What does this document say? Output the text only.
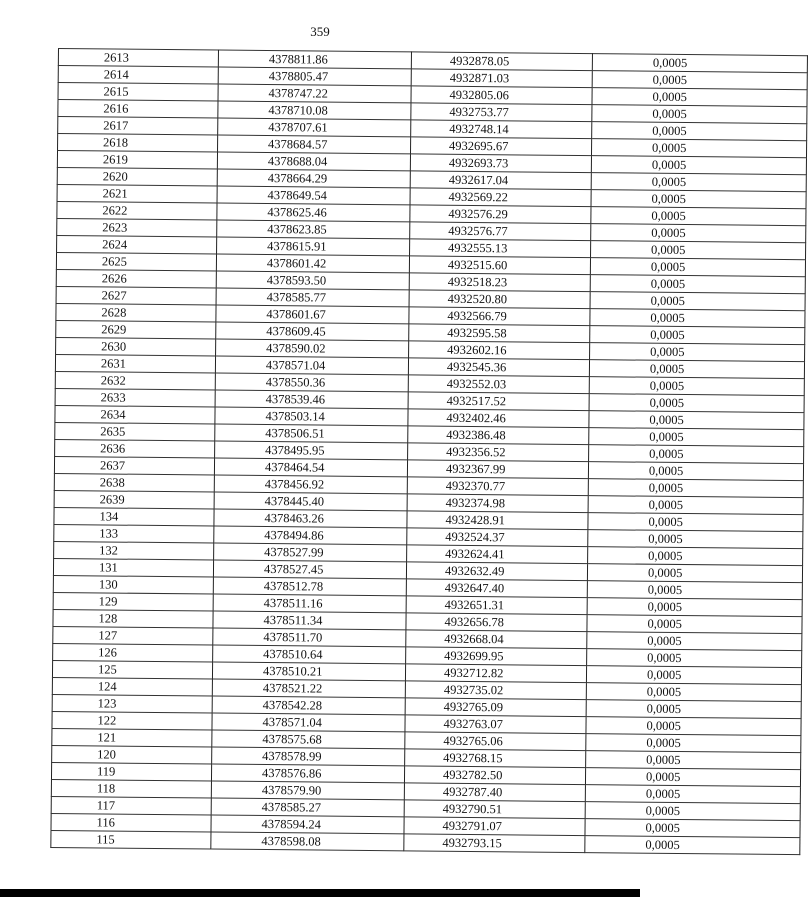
359
2613	4378811.86	4932878.05	0,0005
2614	4378805.47	4932871.03	0,0005
2615	4378747.22	4932805.06	0,0005
2616	4378710.08	4932753.77	0,0005
2617	4378707.61	4932748.14	0,0005
2618	4378684.57	4932695.67	0,0005
2619	4378688.04	4932693.73	0,0005
2620	4378664.29	4932617.04	0,0005
2621	4378649.54	4932569.22	0,0005
2622	4378625.46	4932576.29	0,0005
2623	4378623.85	4932576.77	0,0005
2624	4378615.91	4932555.13	0,0005
2625	4378601.42	4932515.60	0,0005
2626	4378593.50	4932518.23	0,0005
2627	4378585.77	4932520.80	0,0005
2628	4378601.67	4932566.79	0,0005
2629	4378609.45	4932595.58	0,0005
2630	4378590.02	4932602.16	0,0005
2631	4378571.04	4932545.36	0,0005
2632	4378550.36	4932552.03	0,0005
2633	4378539.46	4932517.52	0,0005
2634	4378503.14	4932402.46	0,0005
2635	4378506.51	4932386.48	0,0005
2636	4378495.95	4932356.52	0,0005
2637	4378464.54	4932367.99	0,0005
2638	4378456.92	4932370.77	0,0005
2639	4378445.40	4932374.98	0,0005
134	4378463.26	4932428.91	0,0005
133	4378494.86	4932524.37	0,0005
132	4378527.99	4932624.41	0,0005
131	4378527.45	4932632.49	0,0005
130	4378512.78	4932647.40	0,0005
129	4378511.16	4932651.31	0,0005
128	4378511.34	4932656.78	0,0005
127	4378511.70	4932668.04	0,0005
126	4378510.64	4932699.95	0,0005
125	4378510.21	4932712.82	0,0005
124	4378521.22	4932735.02	0,0005
123	4378542.28	4932765.09	0,0005
122	4378571.04	4932763.07	0,0005
121	4378575.68	4932765.06	0,0005
120	4378578.99	4932768.15	0,0005
119	4378576.86	4932782.50	0,0005
118	4378579.90	4932787.40	0,0005
117	4378585.27	4932790.51	0,0005
116	4378594.24	4932791.07	0,0005
115	4378598.08	4932793.15	0,0005
